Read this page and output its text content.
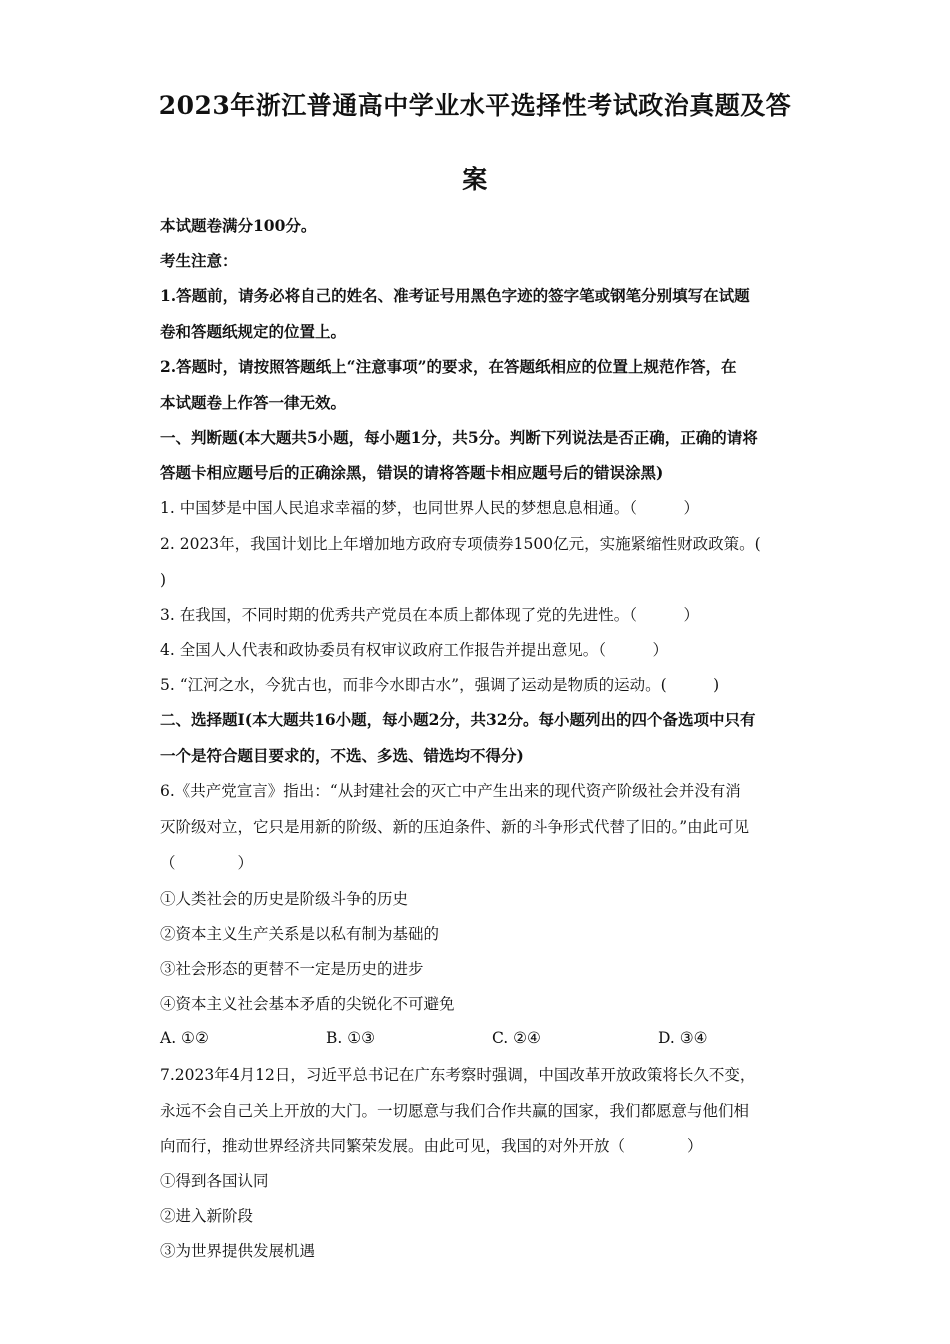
2023年浙江普通高中学业水平选择性考试政治真题及答
案
本试题卷满分100分。
考生注意：
1.答题前，请务必将自己的姓名、准考证号用黑色字迹的签字笔或钢笔分别填写在试题
卷和答题纸规定的位置上。
2.答题时，请按照答题纸上“注意事项”的要求，在答题纸相应的位置上规范作答，在
本试题卷上作答一律无效。
一、判断题(本大题共5小题，每小题1分，共5分。判断下列说法是否正确，正确的请将
答题卡相应题号后的正确涂黑，错误的请将答题卡相应题号后的错误涂黑)
1. 中国梦是中国人民追求幸福的梦，也同世界人民的梦想息息相通。（　　　）
2. 2023年，我国计划比上年增加地方政府专项债券1500亿元，实施紧缩性财政政策。(
)
3. 在我国，不同时期的优秀共产党员在本质上都体现了党的先进性。（　　　）
4. 全国人人代表和政协委员有权审议政府工作报告并提出意见。（　　　）
5. “江河之水，今犹古也，而非今水即古水”，强调了运动是物质的运动。(　　　)
二、选择题Ⅰ(本大题共16小题，每小题2分，共32分。每小题列出的四个备选项中只有
一个是符合题目要求的，不选、多选、错选均不得分)
6.《共产党宣言》指出：“从封建社会的灭亡中产生出来的现代资产阶级社会并没有消
灭阶级对立，它只是用新的阶级、新的压迫条件、新的斗争形式代替了旧的。”由此可见
（　　　　）
①人类社会的历史是阶级斗争的历史
②资本主义生产关系是以私有制为基础的
③社会形态的更替不一定是历史的进步
④资本主义社会基本矛盾的尖锐化不可避免
A. ①②	B. ①③	C. ②④	D. ③④
7.2023年4月12日，习近平总书记在广东考察时强调，中国改革开放政策将长久不变，
永远不会自己关上开放的大门。一切愿意与我们合作共赢的国家，我们都愿意与他们相
向而行，推动世界经济共同繁荣发展。由此可见，我国的对外开放（　　　　）
①得到各国认同
②进入新阶段
③为世界提供发展机遇
